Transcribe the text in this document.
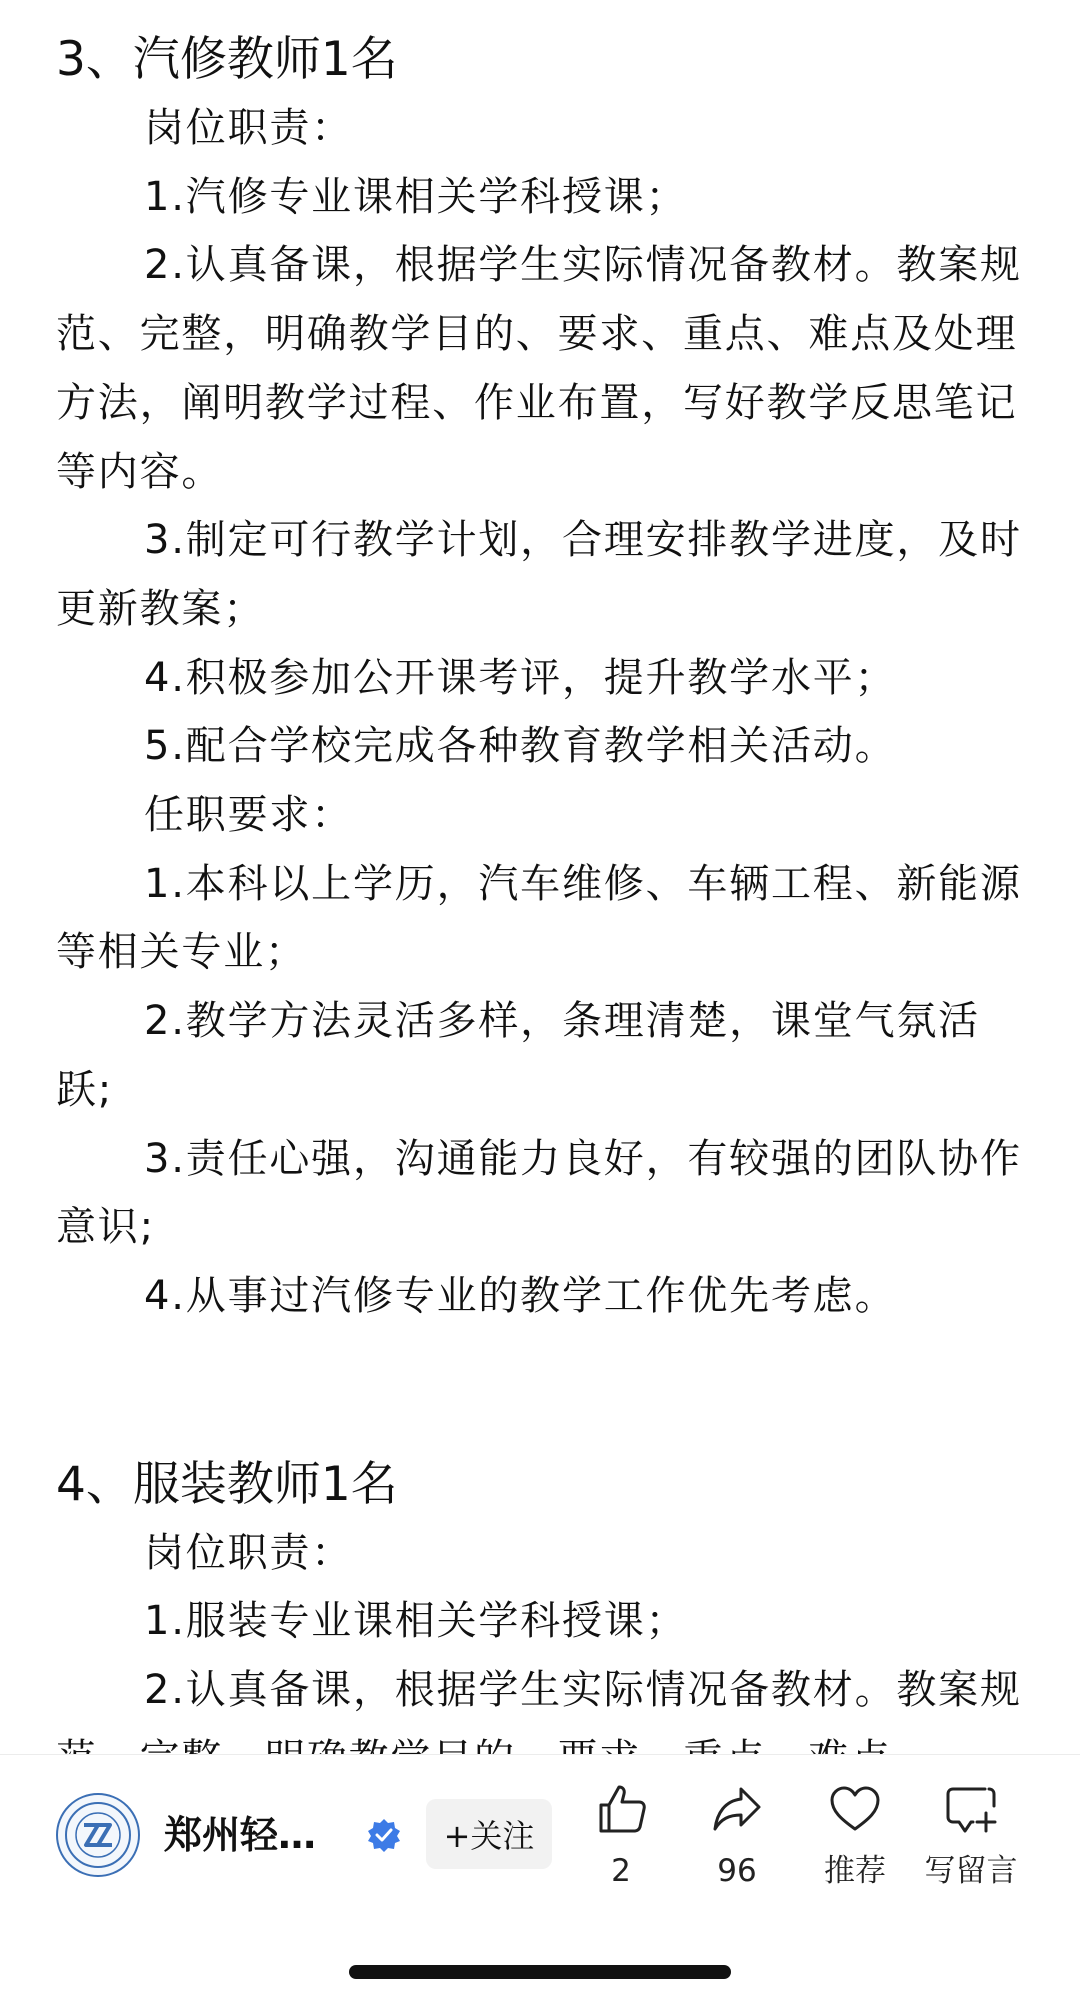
3、汽修教师1名

岗位职责：

1.汽修专业课相关学科授课；

2.认真备课，根据学生实际情况备教材。教案规范、完整，明确教学目的、要求、重点、难点及处理方法，阐明教学过程、作业布置，写好教学反思笔记等内容。

3.制定可行教学计划，合理安排教学进度，及时更新教案；

4.积极参加公开课考评，提升教学水平；

5.配合学校完成各种教育教学相关活动。

任职要求：

1.本科以上学历，汽车维修、车辆工程、新能源等相关专业；

2.教学方法灵活多样，条理清楚，课堂气氛活跃;

3.责任心强，沟通能力良好，有较强的团队协作意识;

4.从事过汽修专业的教学工作优先考虑。

4、服装教师1名

岗位职责：

1.服装专业课相关学科授课；

2.认真备课，根据学生实际情况备教材。教案规

郑州轻…	+关注
2	96	推荐	写留言
